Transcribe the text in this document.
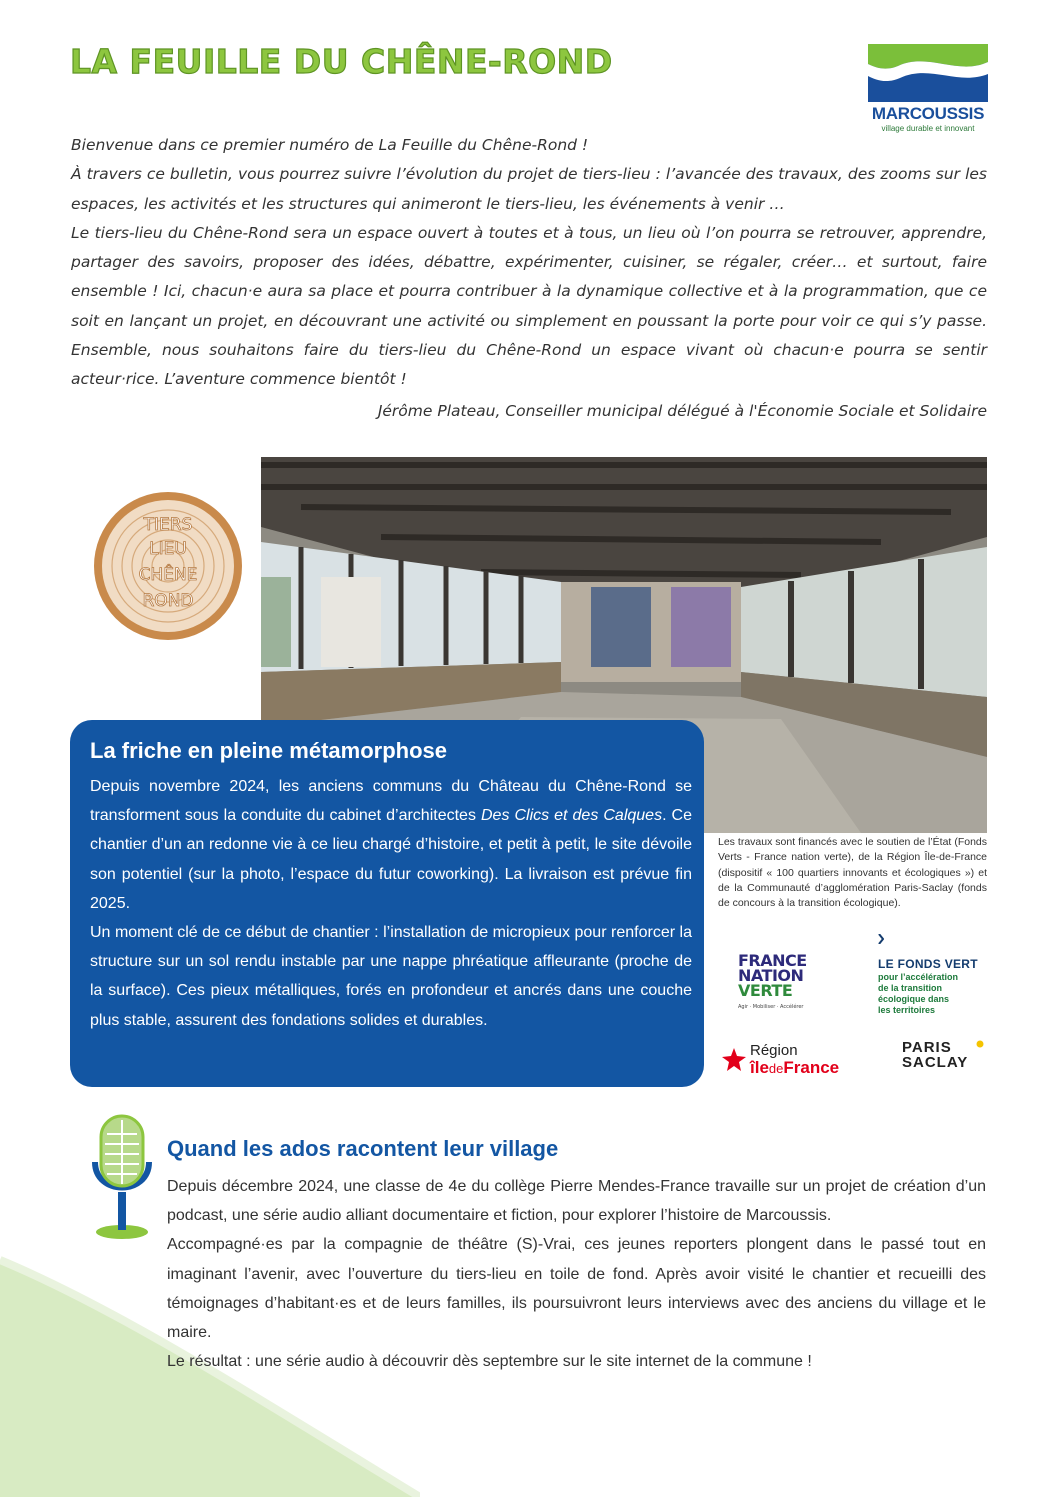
LA FEUILLE DU CHÊNE-ROND
MARCOUSSIS
village durable et innovant

Bienvenue dans ce premier numéro de La Feuille du Chêne-Rond !

À travers ce bulletin, vous pourrez suivre l’évolution du projet de tiers-lieu : l’avancée des travaux, des zooms sur les espaces, les activités et les structures qui animeront le tiers-lieu, les événements à venir …

Le tiers-lieu du Chêne-Rond sera un espace ouvert à toutes et à tous, un lieu où l’on pourra se retrouver, apprendre, partager des savoirs, proposer des idées, débattre, expérimenter, cuisiner, se régaler, créer… et surtout, faire ensemble ! Ici, chacun·e aura sa place et pourra contribuer à la dynamique collective et à la programmation, que ce soit en lançant un projet, en découvrant une activité ou simplement en poussant la porte pour voir ce qui s’y passe. Ensemble, nous souhaitons faire du tiers-lieu du Chêne-Rond un espace vivant où chacun·e pourra se sentir acteur·rice. L’aventure commence bientôt !

Jérôme Plateau, Conseiller municipal délégué à l'Économie Sociale et Solidaire
TIERS
LIEU
CHÊNE
ROND
La friche en pleine métamorphose

Depuis novembre 2024, les anciens communs du Château du Chêne-Rond se transforment sous la conduite du cabinet d’architectes Des Clics et des Calques. Ce chantier d’un an redonne vie à ce lieu chargé d’histoire, et petit à petit, le site dévoile son potentiel (sur la photo, l’espace du futur coworking). La livraison est prévue fin 2025.

Un moment clé de ce début de chantier : l’installation de micropieux pour renforcer la structure sur un sol rendu instable par une nappe phréatique affleurante (proche de la surface). Ces pieux métalliques, forés en profondeur et ancrés dans une couche plus stable, assurent des fondations solides et durables.

Les travaux sont financés avec le soutien de l’État (Fonds Verts - France nation verte), de la Région Île-de-France (dispositif « 100 quartiers innovants et écologiques ») et de la Communauté d’agglomération Paris-Saclay (fonds de concours à la transition écologique).
FRANCE
NATION
VERTE
Agir · Mobiliser · Accélérer
LE FONDS VERT
pour l’accélération
de la transition
écologique dans
les territoires
Région
îledeFrance
PARIS
SACLAY
Quand les ados racontent leur village

Depuis décembre 2024, une classe de 4e du collège Pierre Mendes-France travaille sur un projet de création d’un podcast, une série audio alliant documentaire et fiction, pour explorer l’histoire de Marcoussis.

Accompagné·es par la compagnie de théâtre (S)-Vrai, ces jeunes reporters plongent dans le passé tout en imaginant l’avenir, avec l’ouverture du tiers-lieu en toile de fond. Après avoir visité le chantier et recueilli des témoignages d’habitant·es et de leurs familles, ils poursuivront leurs interviews avec des anciens du village et le maire.

Le résultat : une série audio à découvrir dès septembre sur le site internet de la commune !
